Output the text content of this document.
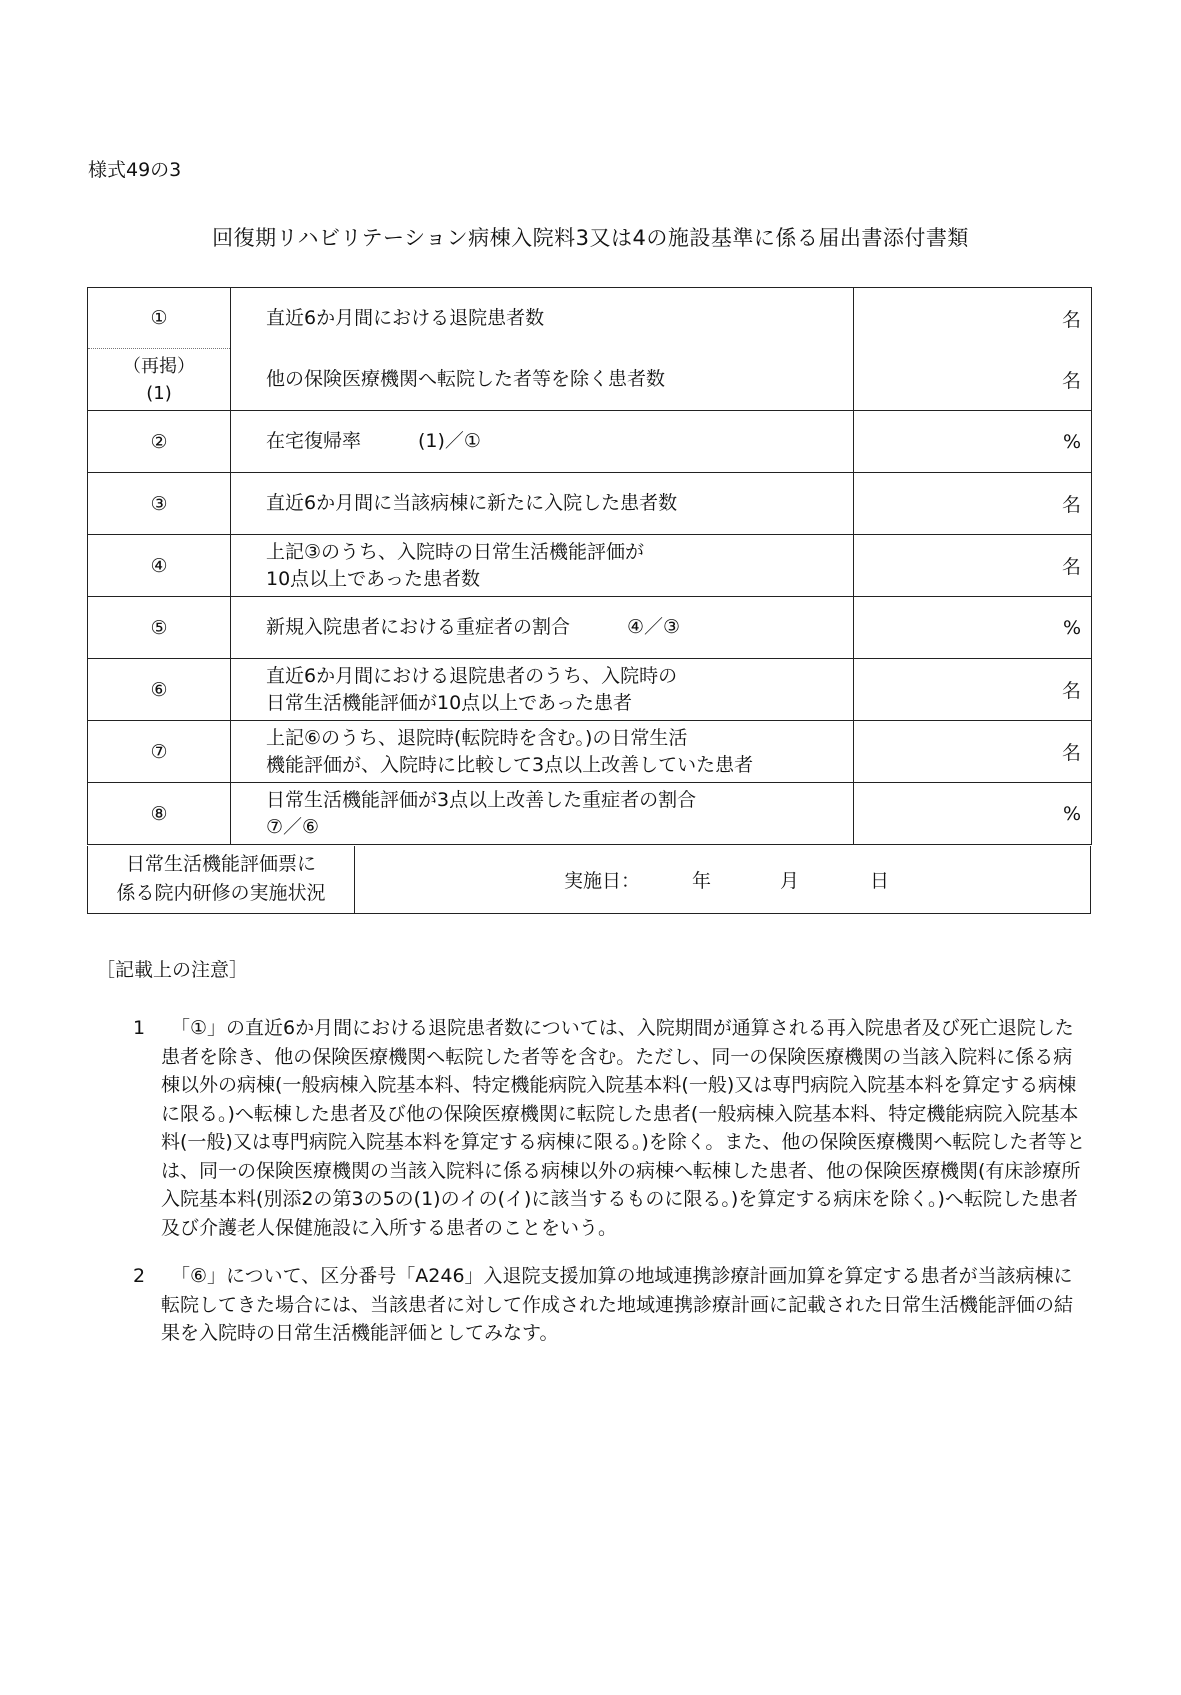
様式49の3
回復期リハビリテーション病棟入院料3又は4の施設基準に係る届出書添付書類
①	直近6か月間における退院患者数	名

（再掲）
(1)	他の保険医療機関へ転院した者等を除く患者数	名
②	在宅復帰率　　　(1)／①	%
③	直近6か月間に当該病棟に新たに入院した患者数	名
④	上記③のうち、入院時の日常生活機能評価が
10点以上であった患者数	名
⑤	新規入院患者における重症者の割合　　　④／③	%
⑥	直近6か月間における退院患者のうち、入院時の
日常生活機能評価が10点以上であった患者	名
⑦	上記⑥のうち、退院時(転院時を含む。)の日常生活
機能評価が、入院時に比較して3点以上改善していた患者	名
⑧	日常生活機能評価が3点以上改善した重症者の割合
⑦／⑥	%
日常生活機能評価票に
係る院内研修の実施状況

実施日：	年	月	日
［記載上の注意］
1	「①」の直近6か月間における退院患者数については、入院期間が通算される再入院患者及び死亡退院した患者を除き、他の保険医療機関へ転院した者等を含む。ただし、同一の保険医療機関の当該入院料に係る病棟以外の病棟(一般病棟入院基本料、特定機能病院入院基本料(一般)又は専門病院入院基本料を算定する病棟に限る。)へ転棟した患者及び他の保険医療機関に転院した患者(一般病棟入院基本料、特定機能病院入院基本料(一般)又は専門病院入院基本料を算定する病棟に限る。)を除く。また、他の保険医療機関へ転院した者等とは、同一の保険医療機関の当該入院料に係る病棟以外の病棟へ転棟した患者、他の保険医療機関(有床診療所入院基本料(別添2の第3の5の(1)のイの(イ)に該当するものに限る。)を算定する病床を除く。)へ転院した患者及び介護老人保健施設に入所する患者のことをいう。
2	「⑥」について、区分番号「A246」入退院支援加算の地域連携診療計画加算を算定する患者が当該病棟に転院してきた場合には、当該患者に対して作成された地域連携診療計画に記載された日常生活機能評価の結果を入院時の日常生活機能評価としてみなす。
